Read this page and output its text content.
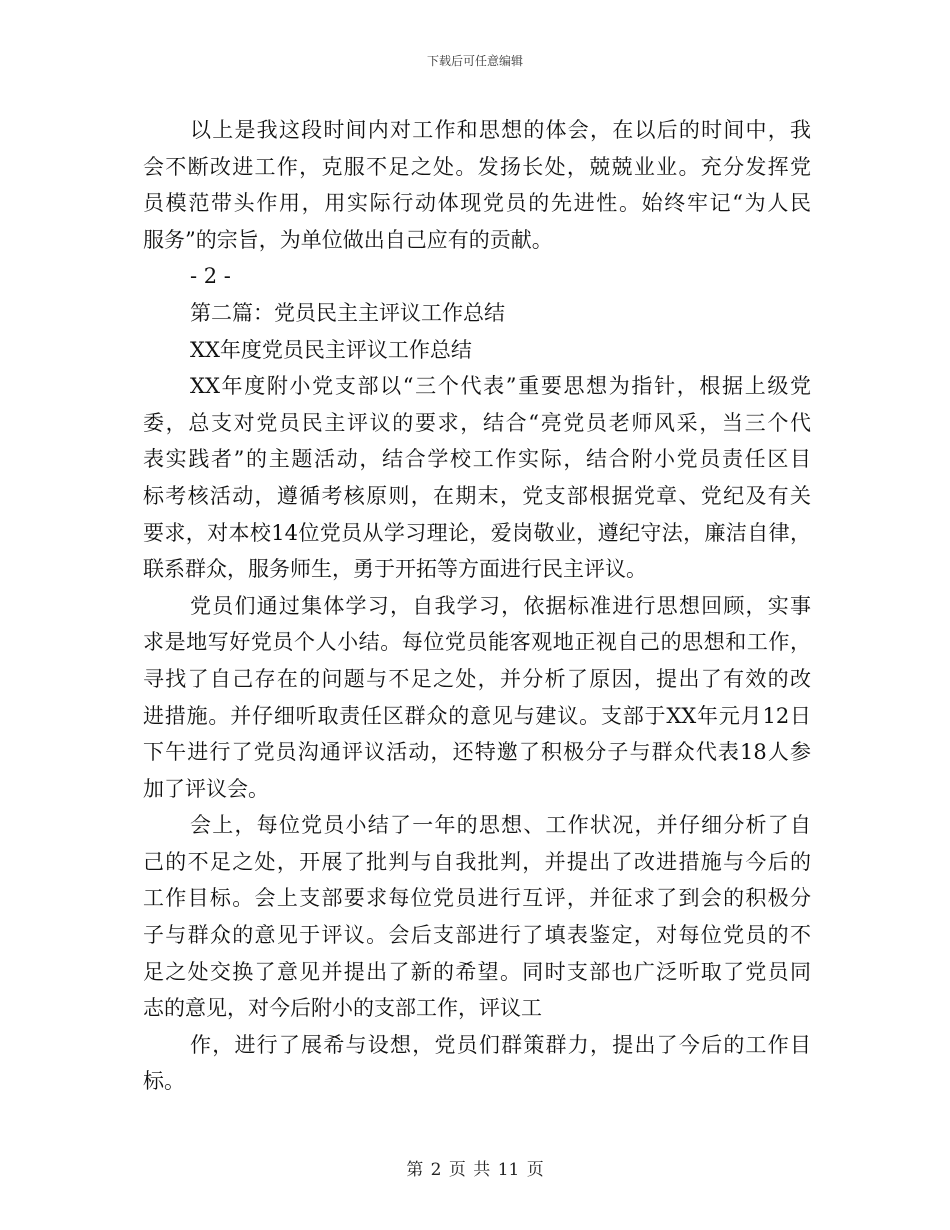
下载后可任意编辑
以上是我这段时间内对工作和思想的体会，在以后的时间中，我
会不断改进工作，克服不足之处。发扬长处，兢兢业业。充分发挥党
员模范带头作用，用实际行动体现党员的先进性。始终牢记“为人民
服务”的宗旨，为单位做出自己应有的贡献。
- 2 -
第二篇：党员民主主评议工作总结
XX年度党员民主评议工作总结
XX年度附小党支部以“三个代表”重要思想为指针，根据上级党
委，总支对党员民主评议的要求，结合“亮党员老师风采，当三个代
表实践者”的主题活动，结合学校工作实际，结合附小党员责任区目
标考核活动，遵循考核原则，在期末，党支部根据党章、党纪及有关
要求，对本校14位党员从学习理论，爱岗敬业，遵纪守法，廉洁自律，
联系群众，服务师生，勇于开拓等方面进行民主评议。
党员们通过集体学习，自我学习，依据标准进行思想回顾，实事
求是地写好党员个人小结。每位党员能客观地正视自己的思想和工作，
寻找了自己存在的问题与不足之处，并分析了原因，提出了有效的改
进措施。并仔细听取责任区群众的意见与建议。支部于XX年元月12日
下午进行了党员沟通评议活动，还特邀了积极分子与群众代表18人参
加了评议会。
会上，每位党员小结了一年的思想、工作状况，并仔细分析了自
己的不足之处，开展了批判与自我批判，并提出了改进措施与今后的
工作目标。会上支部要求每位党员进行互评，并征求了到会的积极分
子与群众的意见于评议。会后支部进行了填表鉴定，对每位党员的不
足之处交换了意见并提出了新的希望。同时支部也广泛听取了党员同
志的意见，对今后附小的支部工作，评议工
作，进行了展希与设想，党员们群策群力，提出了今后的工作目
标。
第 2 页 共 11 页
